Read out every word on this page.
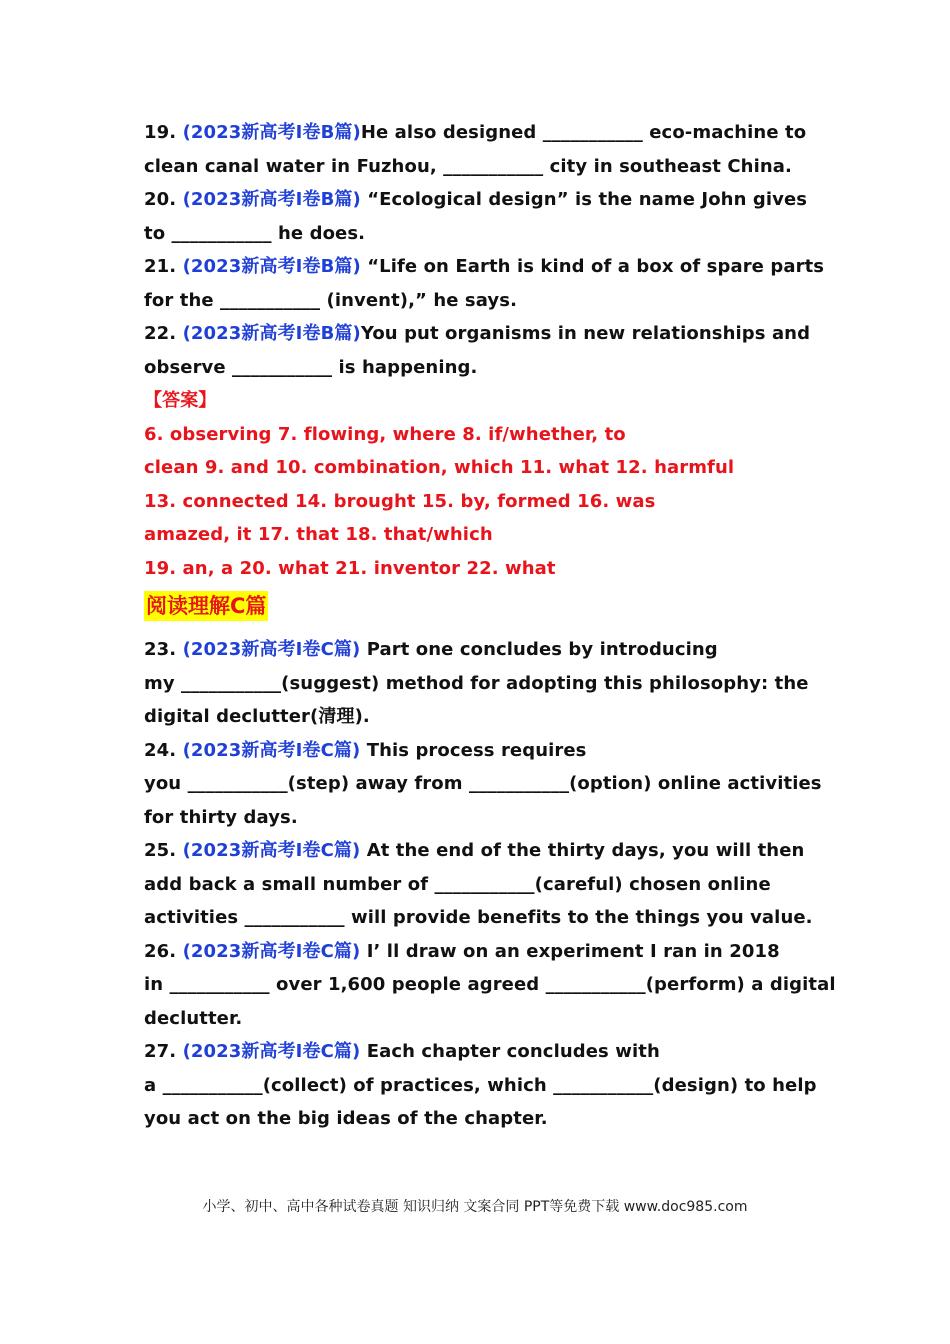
19. (2023新高考I卷B篇)He also designed ___________ eco-machine to
clean canal water in Fuzhou, ___________ city in southeast China.
20. (2023新高考I卷B篇) “Ecological design” is the name John gives
to ___________ he does.
21. (2023新高考I卷B篇) “Life on Earth is kind of a box of spare parts
for the ___________ (invent),” he says.
22. (2023新高考I卷B篇)You put organisms in new relationships and
observe ___________ is happening.
【答案】
6. observing 7. flowing, where 8. if/whether, to
clean 9. and 10. combination, which 11. what 12. harmful
13. connected 14. brought 15. by, formed 16. was
amazed, it 17. that 18. that/which
19. an, a 20. what 21. inventor 22. what
阅读理解C篇
23. (2023新高考I卷C篇) Part one concludes by introducing
my ___________(suggest) method for adopting this philosophy: the
digital declutter(清理).
24. (2023新高考I卷C篇) This process requires
you ___________(step) away from ___________(option) online activities
for thirty days.
25. (2023新高考I卷C篇) At the end of the thirty days, you will then
add back a small number of ___________(careful) chosen online
activities ___________ will provide benefits to the things you value.
26. (2023新高考I卷C篇) I’ ll draw on an experiment I ran in 2018
in ___________ over 1,600 people agreed ___________(perform) a digital
declutter.
27. (2023新高考I卷C篇) Each chapter concludes with
a ___________(collect) of practices, which ___________(design) to help
you act on the big ideas of the chapter.
小学、初中、高中各种试卷真题 知识归纳 文案合同 PPT等免费下载 www.doc985.com
